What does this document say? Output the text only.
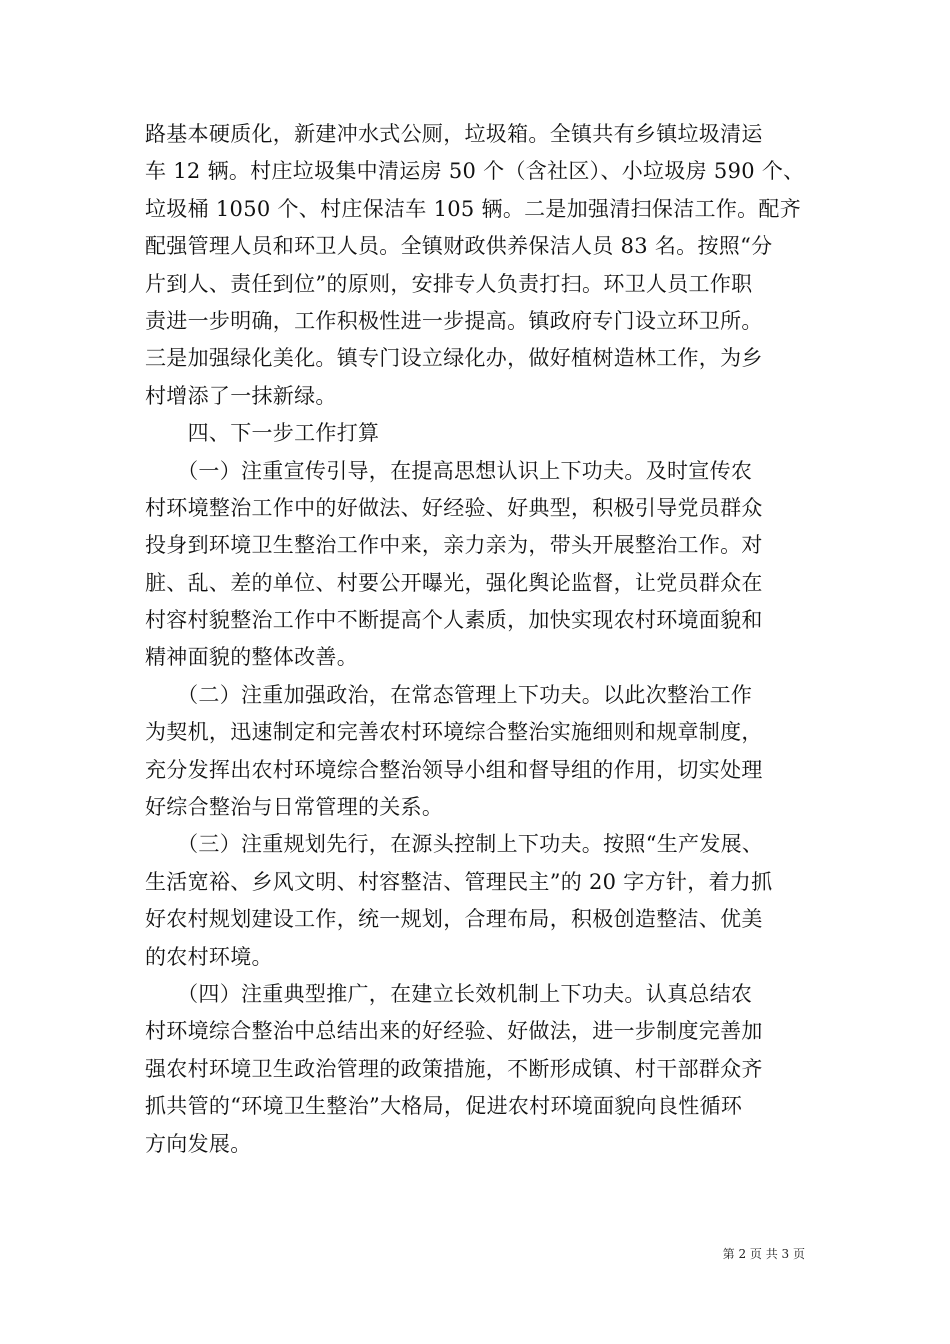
路基本硬质化，新建冲水式公厕，垃圾箱。全镇共有乡镇垃圾清运
车 12 辆。村庄垃圾集中清运房 50 个（含社区）、小垃圾房 590 个、
垃圾桶 1050 个、村庄保洁车 105 辆。二是加强清扫保洁工作。配齐
配强管理人员和环卫人员。全镇财政供养保洁人员 83 名。按照“分
片到人、责任到位”的原则，安排专人负责打扫。环卫人员工作职
责进一步明确，工作积极性进一步提高。镇政府专门设立环卫所。
三是加强绿化美化。镇专门设立绿化办，做好植树造林工作，为乡
村增添了一抹新绿。
　　四、下一步工作打算
　　（一）注重宣传引导，在提高思想认识上下功夫。及时宣传农
村环境整治工作中的好做法、好经验、好典型，积极引导党员群众
投身到环境卫生整治工作中来，亲力亲为，带头开展整治工作。对
脏、乱、差的单位、村要公开曝光，强化舆论监督，让党员群众在
村容村貌整治工作中不断提高个人素质，加快实现农村环境面貌和
精神面貌的整体改善。
　　（二）注重加强政治，在常态管理上下功夫。以此次整治工作
为契机，迅速制定和完善农村环境综合整治实施细则和规章制度，
充分发挥出农村环境综合整治领导小组和督导组的作用，切实处理
好综合整治与日常管理的关系。
　　（三）注重规划先行，在源头控制上下功夫。按照“生产发展、
生活宽裕、乡风文明、村容整洁、管理民主”的 20 字方针，着力抓
好农村规划建设工作，统一规划，合理布局，积极创造整洁、优美
的农村环境。
　　（四）注重典型推广，在建立长效机制上下功夫。认真总结农
村环境综合整治中总结出来的好经验、好做法，进一步制度完善加
强农村环境卫生政治管理的政策措施，不断形成镇、村干部群众齐
抓共管的“环境卫生整治”大格局，促进农村环境面貌向良性循环
方向发展。
第 2 页 共 3 页
